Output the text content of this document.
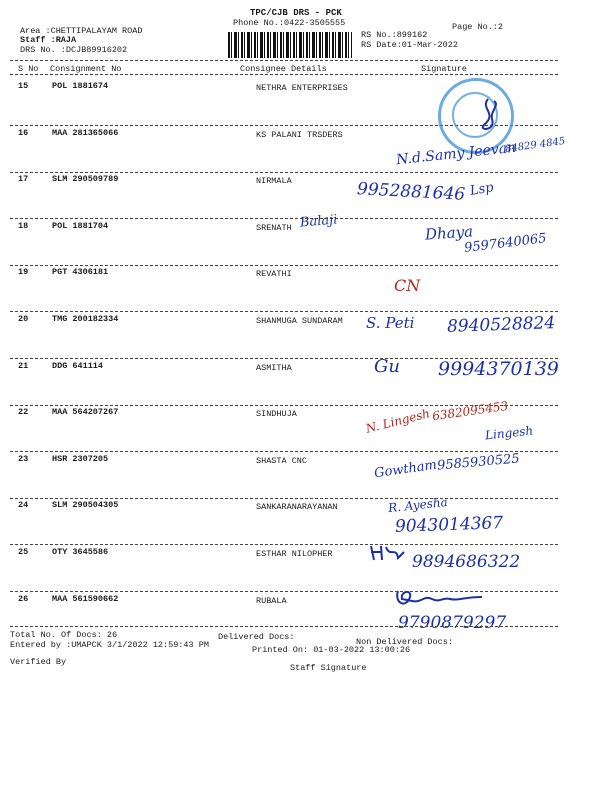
TPC/CJB DRS - PCK
Phone No.:0422-3505555
Area :CHETTIPALAYAM ROAD
Staff :RAJA
DRS No. :DCJB89916202
RS No.:899162
RS Date:01-Mar-2022
Page No.:2
S No Consignment No	Consignee Details	Signature
15	POL 1881674	NETHRA ENTERPRISES
16	MAA 281365066	KS PALANI TRSDERS
17	SLM 290509789	NIRMALA
18	POL 1881704	SRENATH
19	PGT 4306181	REVATHI
20	TMG 200182334	SHANMUGA SUNDARAM
21	DDG 641114	ASMITHA
22	MAA 564207267	SINDHUJA
23	HSR 2307205	SHASTA CNC
24	SLM 290504305	SANKARANARAYANAN
25	OTY 3645586	ESTHAR NILOPHER
26	MAA 561590662	RUBALA
N.d.Samy Jeevan
84829 4845
9952881646 Lsp
Balaji
Dhaya
9597640065
CN
S. Peti 8940528824
Gu 9994370139
N. Lingesh 6382095453
Lingesh
Gowtham
9585930525
R. Ayesha
9043014367
9894686322
9790879297
Total No. Of Docs: 26	Delivered Docs:	Non Delivered Docs:
Entered by :UMAPCK 3/1/2022 12:59:43 PM	Printed On: 01-03-2022 13:00:26
Verified By
Staff Signature
